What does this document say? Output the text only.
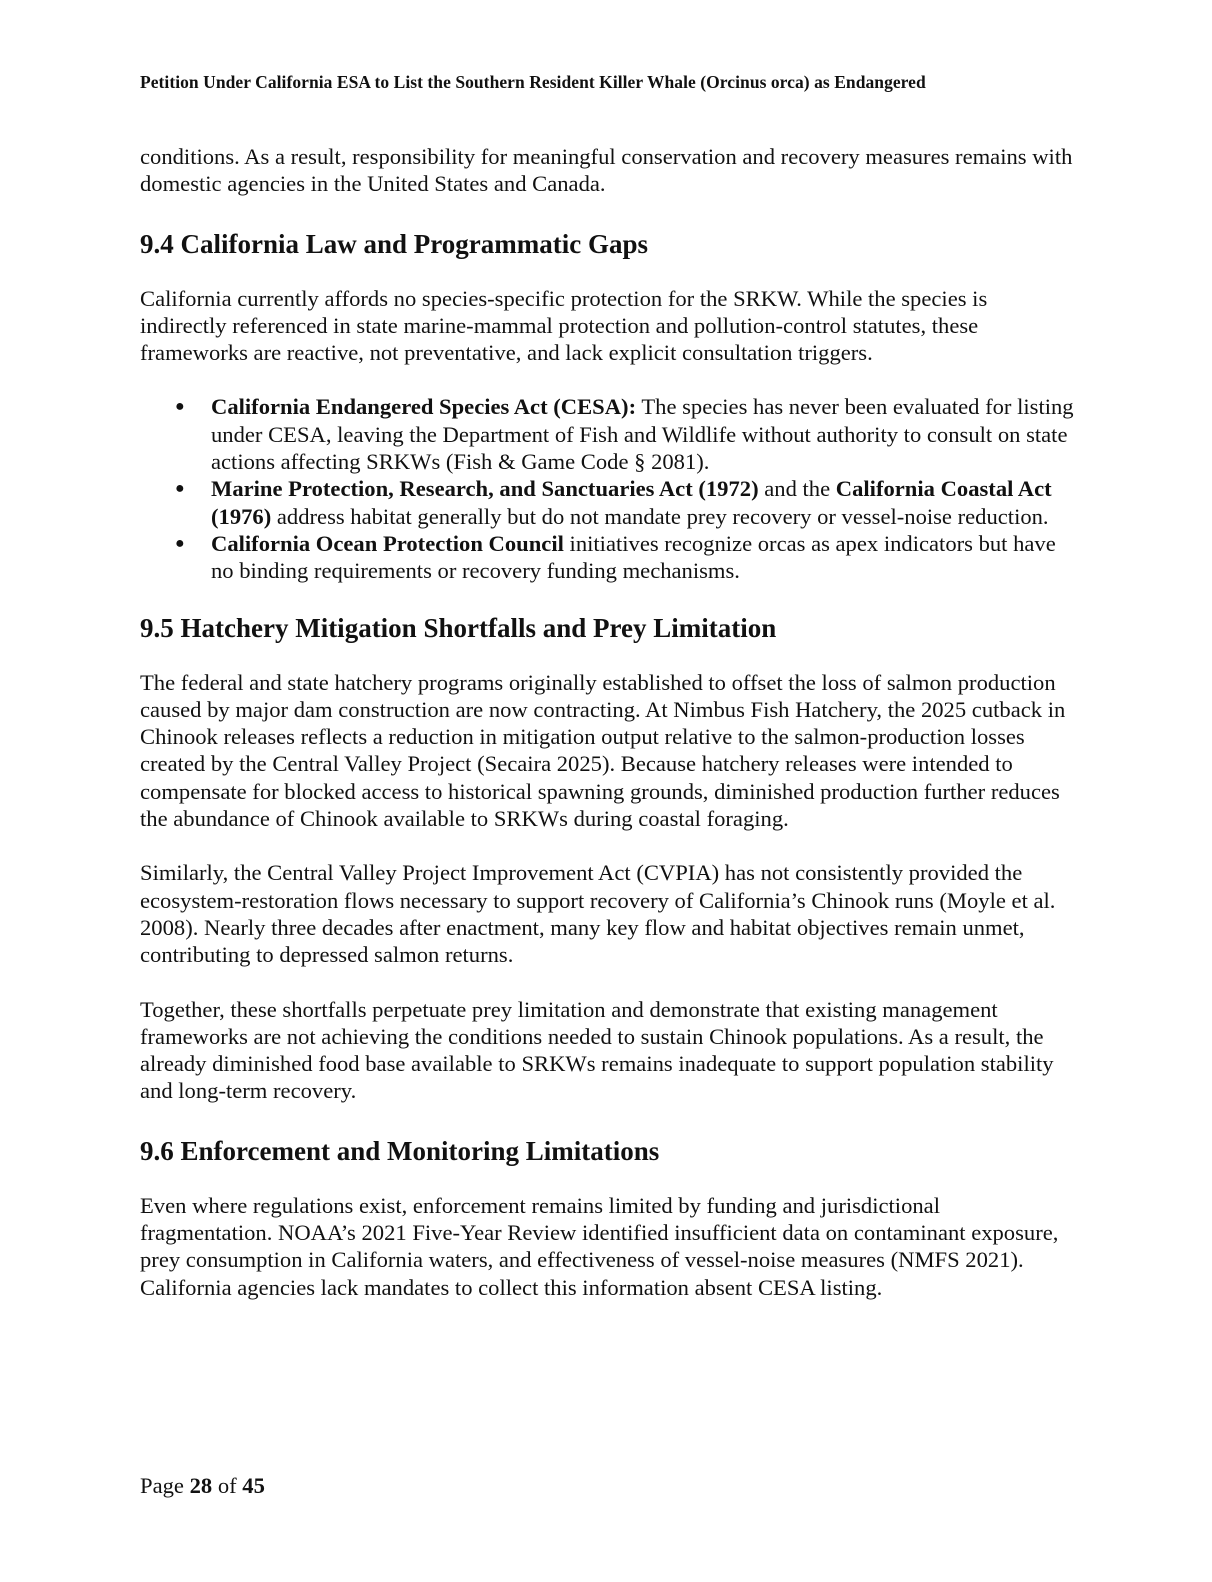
Petition Under California ESA to List the Southern Resident Killer Whale (Orcinus orca) as Endangered

conditions. As a result, responsibility for meaningful conservation and recovery measures remains with domestic agencies in the United States and Canada.

9.4 California Law and Programmatic Gaps

California currently affords no species-specific protection for the SRKW. While the species is indirectly referenced in state marine-mammal protection and pollution-control statutes, these frameworks are reactive, not preventative, and lack explicit consultation triggers.

● California Endangered Species Act (CESA): The species has never been evaluated for listing under CESA, leaving the Department of Fish and Wildlife without authority to consult on state actions affecting SRKWs (Fish & Game Code § 2081).
● Marine Protection, Research, and Sanctuaries Act (1972) and the California Coastal Act (1976) address habitat generally but do not mandate prey recovery or vessel-noise reduction.
● California Ocean Protection Council initiatives recognize orcas as apex indicators but have no binding requirements or recovery funding mechanisms.
9.5 Hatchery Mitigation Shortfalls and Prey Limitation

The federal and state hatchery programs originally established to offset the loss of salmon production caused by major dam construction are now contracting. At Nimbus Fish Hatchery, the 2025 cutback in Chinook releases reflects a reduction in mitigation output relative to the salmon-production losses created by the Central Valley Project (Secaira 2025). Because hatchery releases were intended to compensate for blocked access to historical spawning grounds, diminished production further reduces the abundance of Chinook available to SRKWs during coastal foraging.

Similarly, the Central Valley Project Improvement Act (CVPIA) has not consistently provided the ecosystem-restoration flows necessary to support recovery of California’s Chinook runs (Moyle et al. 2008). Nearly three decades after enactment, many key flow and habitat objectives remain unmet, contributing to depressed salmon returns.

Together, these shortfalls perpetuate prey limitation and demonstrate that existing management frameworks are not achieving the conditions needed to sustain Chinook populations. As a result, the already diminished food base available to SRKWs remains inadequate to support population stability and long-term recovery.

9.6 Enforcement and Monitoring Limitations

Even where regulations exist, enforcement remains limited by funding and jurisdictional fragmentation. NOAA’s 2021 Five-Year Review identified insufficient data on contaminant exposure, prey consumption in California waters, and effectiveness of vessel-noise measures (NMFS 2021). California agencies lack mandates to collect this information absent CESA listing.

Page 28 of 45
